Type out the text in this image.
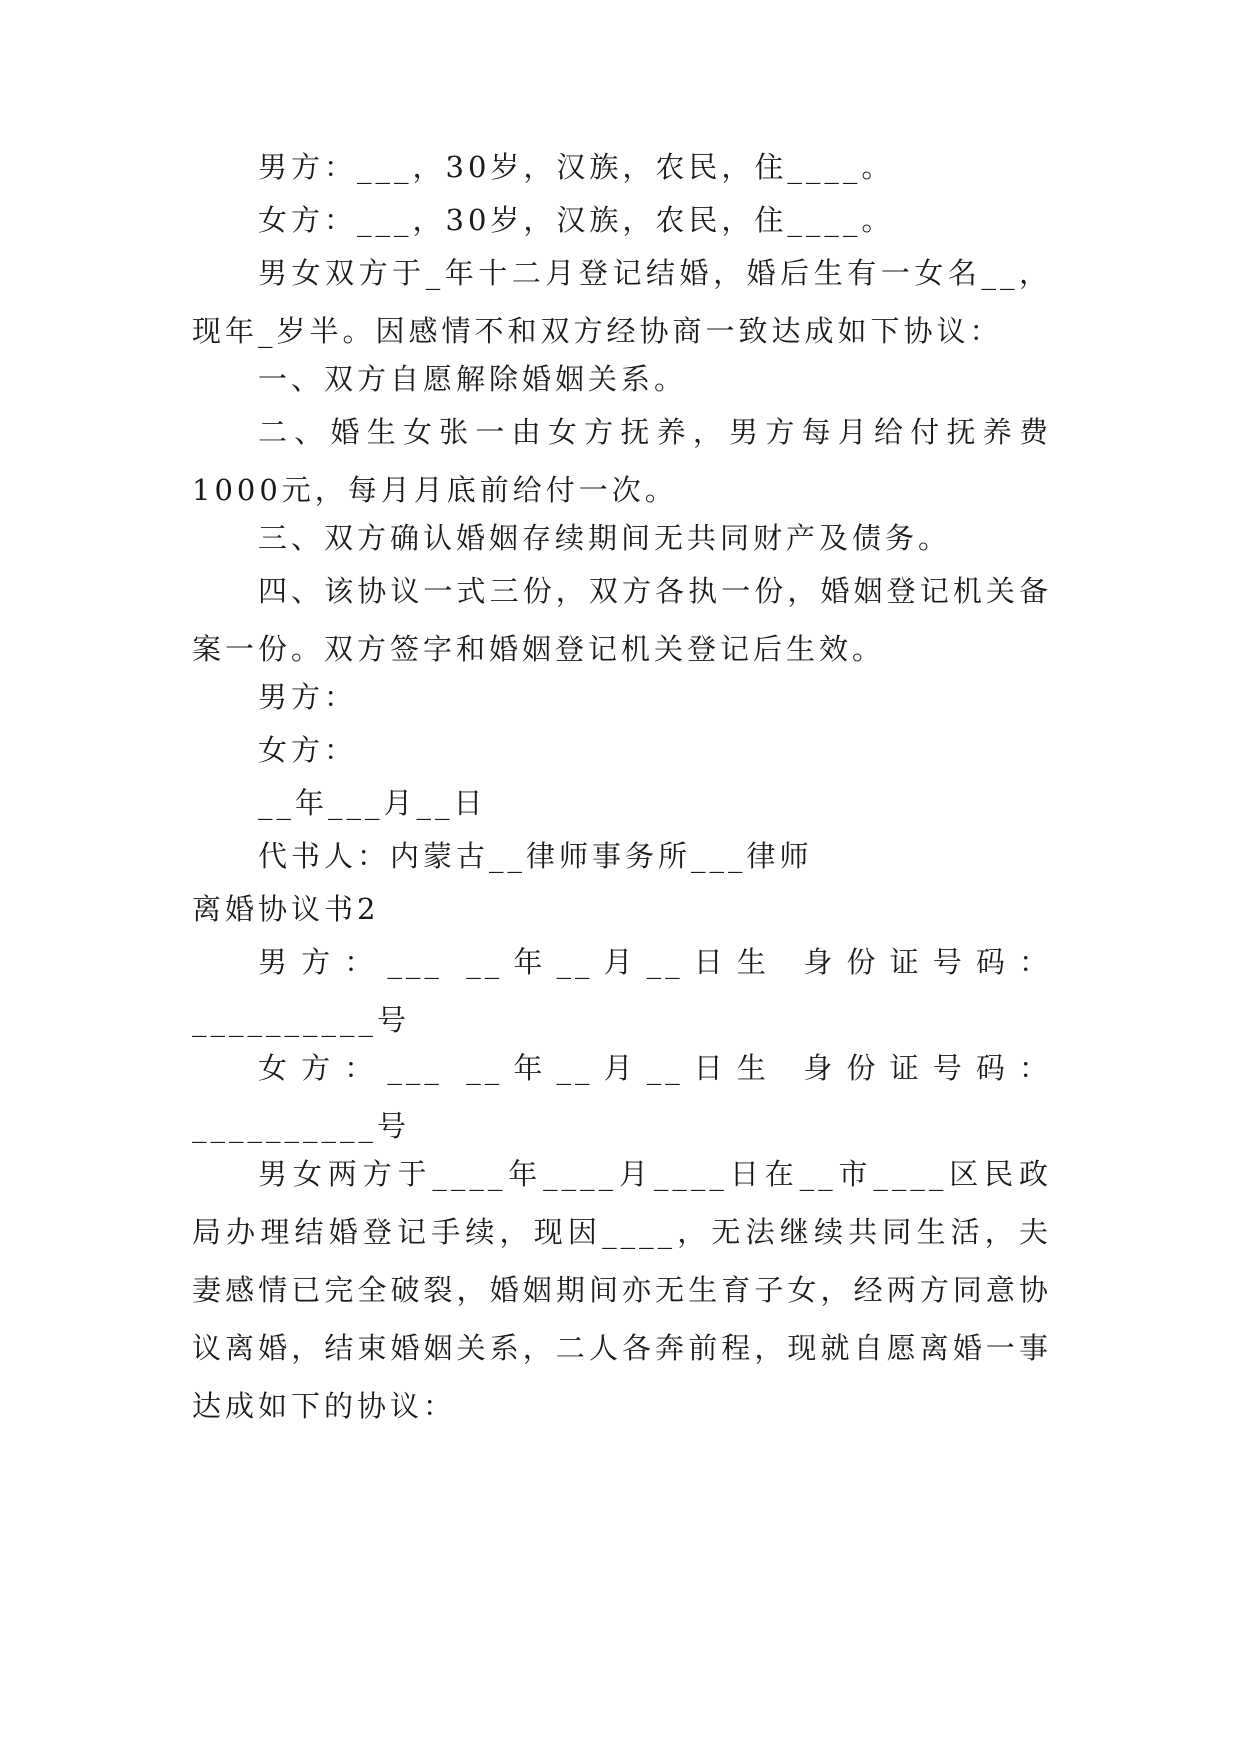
男方：___，30岁，汉族，农民，住____。
女方：___，30岁，汉族，农民，住____。
男女双方于_年十二月登记结婚，婚后生有一女名__，现年_岁半。因感情不和双方经协商一致达成如下协议：
一、双方自愿解除婚姻关系。
二、婚生女张一由女方抚养，男方每月给付抚养费1000元，每月月底前给付一次。
三、双方确认婚姻存续期间无共同财产及债务。
四、该协议一式三份，双方各执一份，婚姻登记机关备案一份。双方签字和婚姻登记机关登记后生效。
男方：
女方：
__年___月__日
代书人：内蒙古__律师事务所___律师
离婚协议书2
男方：___ __年__月__日生 身份证号码：__________号
女方：___ __年__月__日生 身份证号码：__________号
男女两方于____年____月____日在__市____区民政局办理结婚登记手续，现因____，无法继续共同生活，夫妻感情已完全破裂，婚姻期间亦无生育子女，经两方同意协议离婚，结束婚姻关系，二人各奔前程，现就自愿离婚一事达成如下的协议：
